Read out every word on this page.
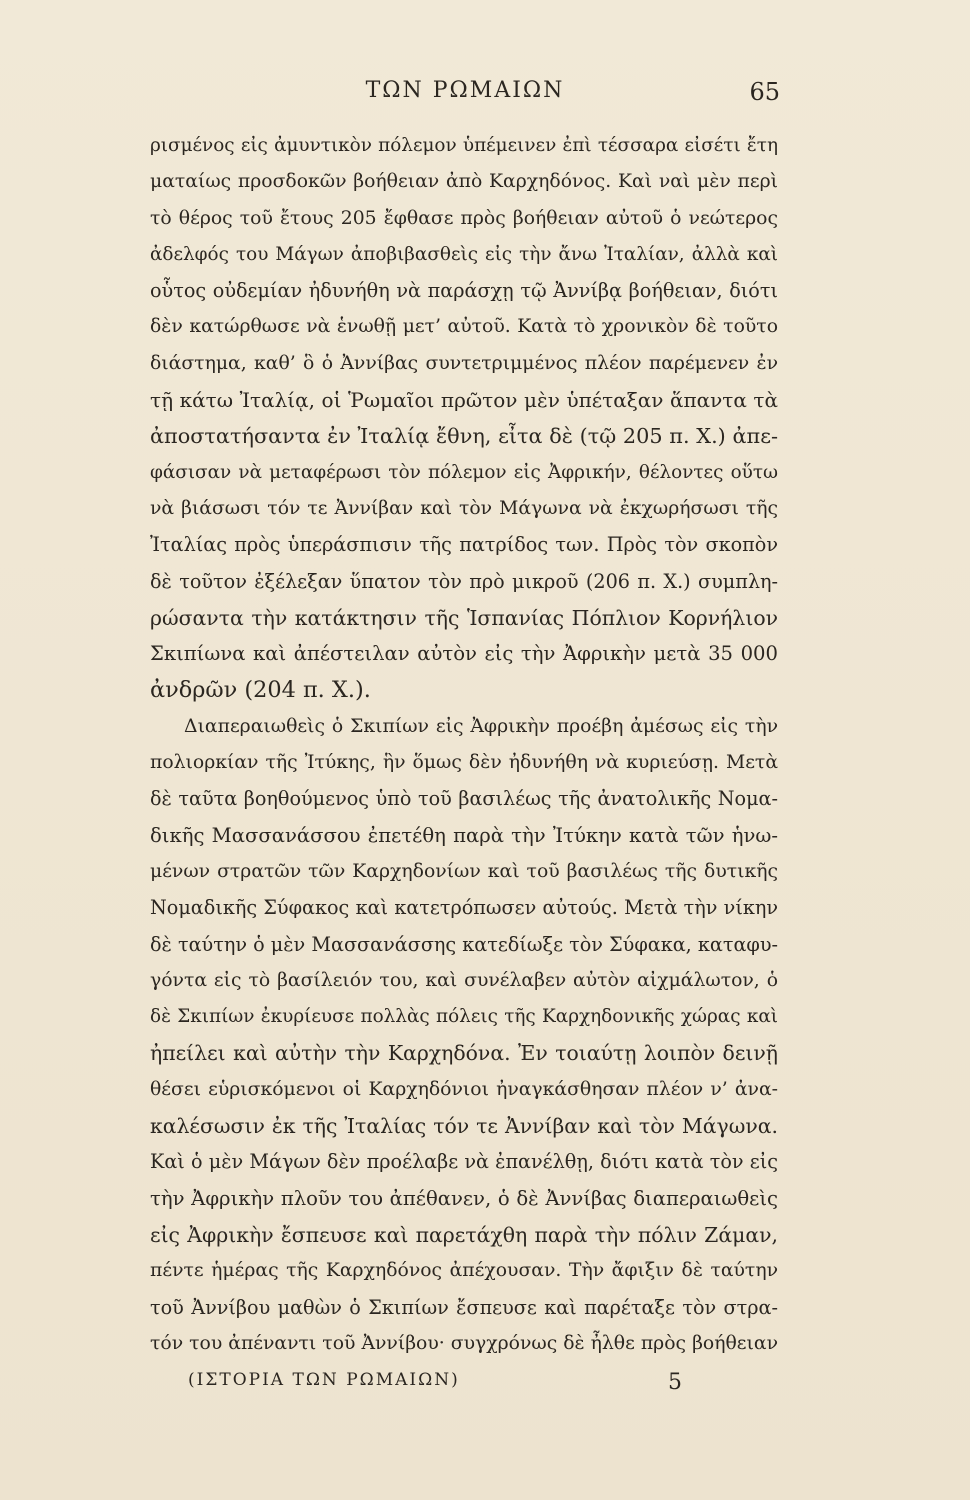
ΤΩΝ ΡΩΜΑΙΩΝ	65
ρισμένος εἰς ἀμυντικὸν πόλεμον ὑπέμεινεν ἐπὶ τέσσαρα εἰσέτι ἔτη
ματαίως προσδοκῶν βοήθειαν ἀπὸ Καρχηδόνος. Καὶ ναὶ μὲν περὶ
τὸ θέρος τοῦ ἔτους 205 ἔφθασε πρὸς βοήθειαν αὐτοῦ ὁ νεώτερος
ἀδελφός του Μάγων ἀποβιβασθεὶς εἰς τὴν ἄνω Ἰταλίαν, ἀλλὰ καὶ
οὗτος οὐδεμίαν ἠδυνήθη νὰ παράσχῃ τῷ Ἀννίβᾳ βοήθειαν, διότι
δὲν κατώρθωσε νὰ ἑνωθῇ μετ’ αὐτοῦ. Κατὰ τὸ χρονικὸν δὲ τοῦτο
διάστημα, καθ’ ὃ ὁ Ἀννίβας συντετριμμένος πλέον παρέμενεν ἐν
τῇ κάτω Ἰταλίᾳ, οἱ Ῥωμαῖοι πρῶτον μὲν ὑπέταξαν ἅπαντα τὰ
ἀποστατήσαντα ἐν Ἰταλίᾳ ἔθνη, εἶτα δὲ (τῷ 205 π. Χ.) ἀπε-
φάσισαν νὰ μεταφέρωσι τὸν πόλεμον εἰς Ἀφρικήν, θέλοντες οὕτω
νὰ βιάσωσι τόν τε Ἀννίβαν καὶ τὸν Μάγωνα νὰ ἐκχωρήσωσι τῆς
Ἰταλίας πρὸς ὑπεράσπισιν τῆς πατρίδος των. Πρὸς τὸν σκοπὸν
δὲ τοῦτον ἐξέλεξαν ὕπατον τὸν πρὸ μικροῦ (206 π. Χ.) συμπλη-
ρώσαντα τὴν κατάκτησιν τῆς Ἱσπανίας Πόπλιον Κορνήλιον
Σκιπίωνα καὶ ἀπέστειλαν αὐτὸν εἰς τὴν Ἀφρικὴν μετὰ 35 000
ἀνδρῶν (204 π. Χ.).
Διαπεραιωθεὶς ὁ Σκιπίων εἰς Ἀφρικὴν προέβη ἀμέσως εἰς τὴν
πολιορκίαν τῆς Ἰτύκης, ἣν ὅμως δὲν ἠδυνήθη νὰ κυριεύσῃ. Μετὰ
δὲ ταῦτα βοηθούμενος ὑπὸ τοῦ βασιλέως τῆς ἀνατολικῆς Νομα-
δικῆς Μασσανάσσου ἐπετέθη παρὰ τὴν Ἰτύκην κατὰ τῶν ἡνω-
μένων στρατῶν τῶν Καρχηδονίων καὶ τοῦ βασιλέως τῆς δυτικῆς
Νομαδικῆς Σύφακος καὶ κατετρόπωσεν αὐτούς. Μετὰ τὴν νίκην
δὲ ταύτην ὁ μὲν Μασσανάσσης κατεδίωξε τὸν Σύφακα, καταφυ-
γόντα εἰς τὸ βασίλειόν του, καὶ συνέλαβεν αὐτὸν αἰχμάλωτον, ὁ
δὲ Σκιπίων ἐκυρίευσε πολλὰς πόλεις τῆς Καρχηδονικῆς χώρας καὶ
ἠπείλει καὶ αὐτὴν τὴν Καρχηδόνα. Ἐν τοιαύτῃ λοιπὸν δεινῇ
θέσει εὑρισκόμενοι οἱ Καρχηδόνιοι ἠναγκάσθησαν πλέον ν’ ἀνα-
καλέσωσιν ἐκ τῆς Ἰταλίας τόν τε Ἀννίβαν καὶ τὸν Μάγωνα.
Καὶ ὁ μὲν Μάγων δὲν προέλαβε νὰ ἐπανέλθῃ, διότι κατὰ τὸν εἰς
τὴν Ἀφρικὴν πλοῦν του ἀπέθανεν, ὁ δὲ Ἀννίβας διαπεραιωθεὶς
εἰς Ἀφρικὴν ἔσπευσε καὶ παρετάχθη παρὰ τὴν πόλιν Ζάμαν,
πέντε ἡμέρας τῆς Καρχηδόνος ἀπέχουσαν. Τὴν ἄφιξιν δὲ ταύτην
τοῦ Ἀννίβου μαθὼν ὁ Σκιπίων ἔσπευσε καὶ παρέταξε τὸν στρα-
τόν του ἀπέναντι τοῦ Ἀννίβου· συγχρόνως δὲ ἦλθε πρὸς βοήθειαν
(ΙΣΤΟΡΙΑ ΤΩΝ ΡΩΜΑΙΩΝ)	5
